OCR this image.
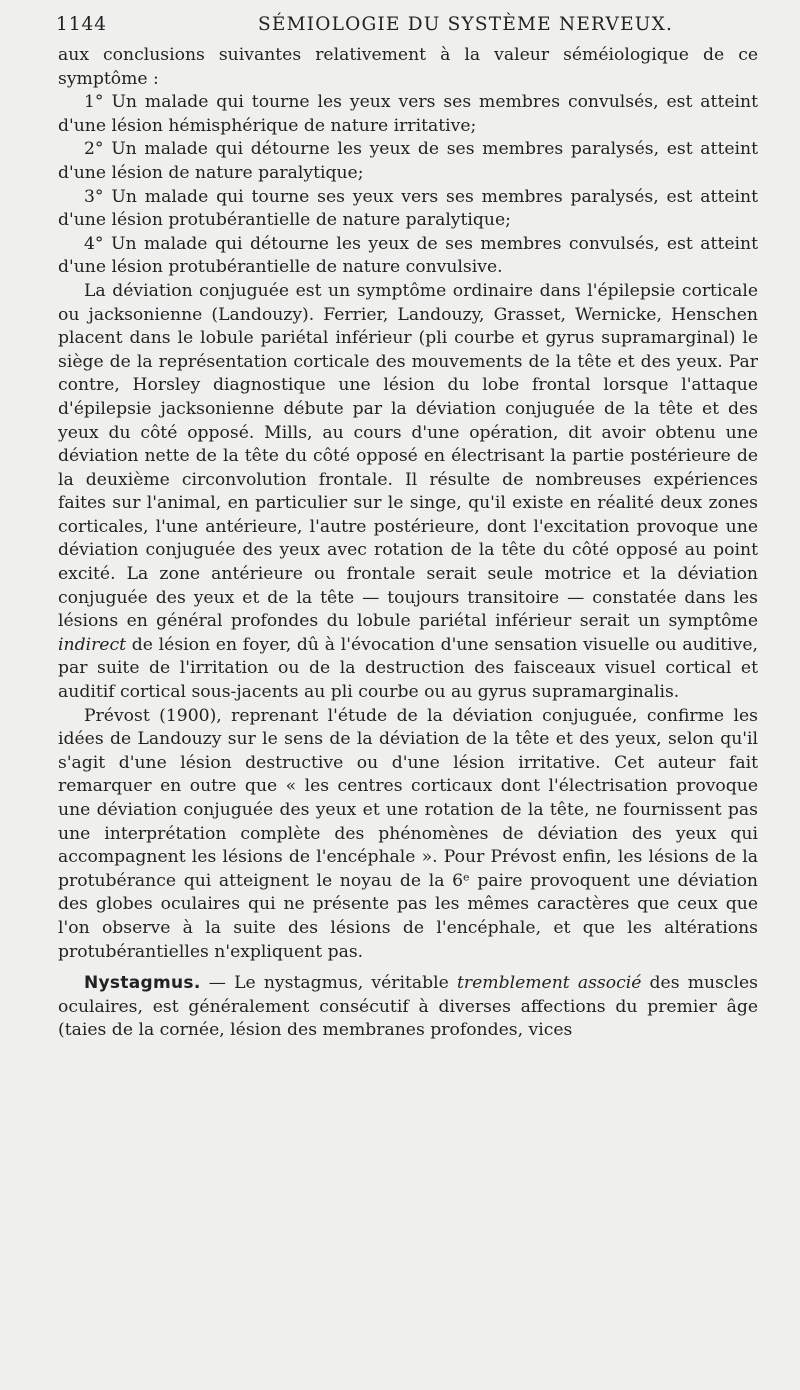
1144	SÉMIOLOGIE DU SYSTÈME NERVEUX.

aux conclusions suivantes relativement à la valeur séméiologique de ce symptôme :

1° Un malade qui tourne les yeux vers ses membres convulsés, est atteint d'une lésion hémisphérique de nature irritative;

2° Un malade qui détourne les yeux de ses membres paralysés, est atteint d'une lésion de nature paralytique;

3° Un malade qui tourne ses yeux vers ses membres paralysés, est atteint d'une lésion protubérantielle de nature paralytique;

4° Un malade qui détourne les yeux de ses membres convulsés, est atteint d'une lésion protubérantielle de nature convulsive.

La déviation conjuguée est un symptôme ordinaire dans l'épilepsie corticale ou jacksonienne (Landouzy). Ferrier, Landouzy, Grasset, Wernicke, Henschen placent dans le lobule pariétal inférieur (pli courbe et gyrus supramarginal) le siège de la représentation corticale des mouvements de la tête et des yeux. Par contre, Horsley diagnostique une lésion du lobe frontal lorsque l'attaque d'épilepsie jacksonienne débute par la déviation conjuguée de la tête et des yeux du côté opposé. Mills, au cours d'une opération, dit avoir obtenu une déviation nette de la tête du côté opposé en électrisant la partie postérieure de la deuxième circonvolution frontale. Il résulte de nombreuses expériences faites sur l'animal, en particulier sur le singe, qu'il existe en réalité deux zones corticales, l'une antérieure, l'autre postérieure, dont l'excitation provoque une déviation conjuguée des yeux avec rotation de la tête du côté opposé au point excité. La zone antérieure ou frontale serait seule motrice et la déviation conjuguée des yeux et de la tête — toujours transitoire — constatée dans les lésions en général profondes du lobule pariétal inférieur serait un symptôme indirect de lésion en foyer, dû à l'évocation d'une sensation visuelle ou auditive, par suite de l'irritation ou de la destruction des faisceaux visuel cortical et auditif cortical sous-jacents au pli courbe ou au gyrus supramarginalis.

Prévost (1900), reprenant l'étude de la déviation conjuguée, confirme les idées de Landouzy sur le sens de la déviation de la tête et des yeux, selon qu'il s'agit d'une lésion destructive ou d'une lésion irritative. Cet auteur fait remarquer en outre que « les centres corticaux dont l'électrisation provoque une déviation conjuguée des yeux et une rotation de la tête, ne fournissent pas une interprétation complète des phénomènes de déviation des yeux qui accompagnent les lésions de l'encéphale ». Pour Prévost enfin, les lésions de la protubérance qui atteignent le noyau de la 6ᵉ paire provoquent une déviation des globes oculaires qui ne présente pas les mêmes caractères que ceux que l'on observe à la suite des lésions de l'encéphale, et que les altérations protubérantielles n'expliquent pas.

Nystagmus. — Le nystagmus, véritable tremblement associé des muscles oculaires, est généralement consécutif à diverses affections du premier âge (taies de la cornée, lésion des membranes profondes, vices
